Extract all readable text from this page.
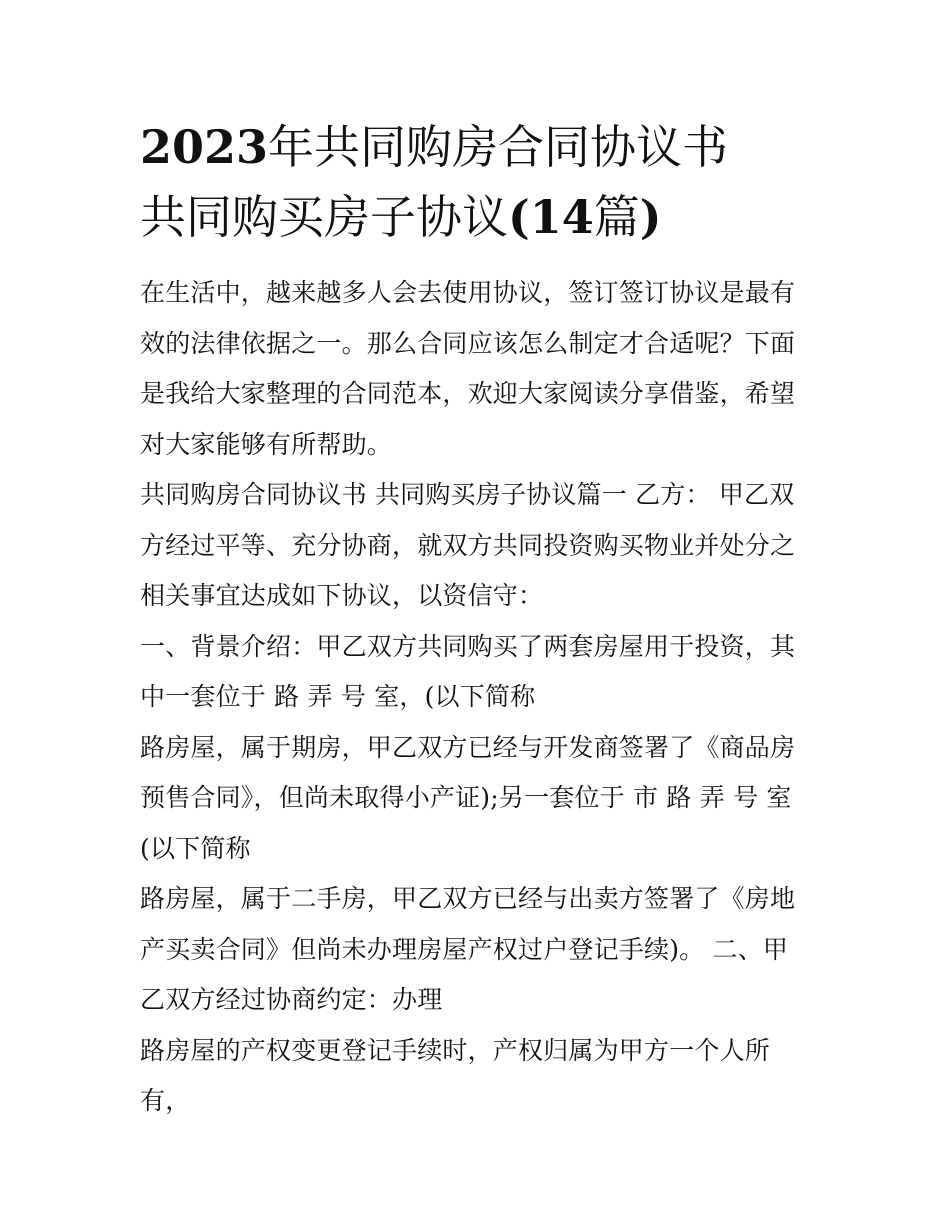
2023年共同购房合同协议书
共同购买房子协议(14篇)

在生活中，越来越多人会去使用协议，签订签订协议是最有效的法律依据之一。那么合同应该怎么制定才合适呢？下面是我给大家整理的合同范本，欢迎大家阅读分享借鉴，希望对大家能够有所帮助。

共同购房合同协议书 共同购买房子协议篇一 乙方： 甲乙双方经过平等、充分协商，就双方共同投资购买物业并处分之相关事宜达成如下协议，以资信守：

一、背景介绍：甲乙双方共同购买了两套房屋用于投资，其中一套位于 路 弄 号 室，(以下简称

路房屋，属于期房，甲乙双方已经与开发商签署了《商品房预售合同》，但尚未取得小产证);另一套位于 市 路 弄 号 室(以下简称

路房屋，属于二手房，甲乙双方已经与出卖方签署了《房地产买卖合同》但尚未办理房屋产权过户登记手续)。 二、甲乙双方经过协商约定：办理

路房屋的产权变更登记手续时，产权归属为甲方一个人所有，
